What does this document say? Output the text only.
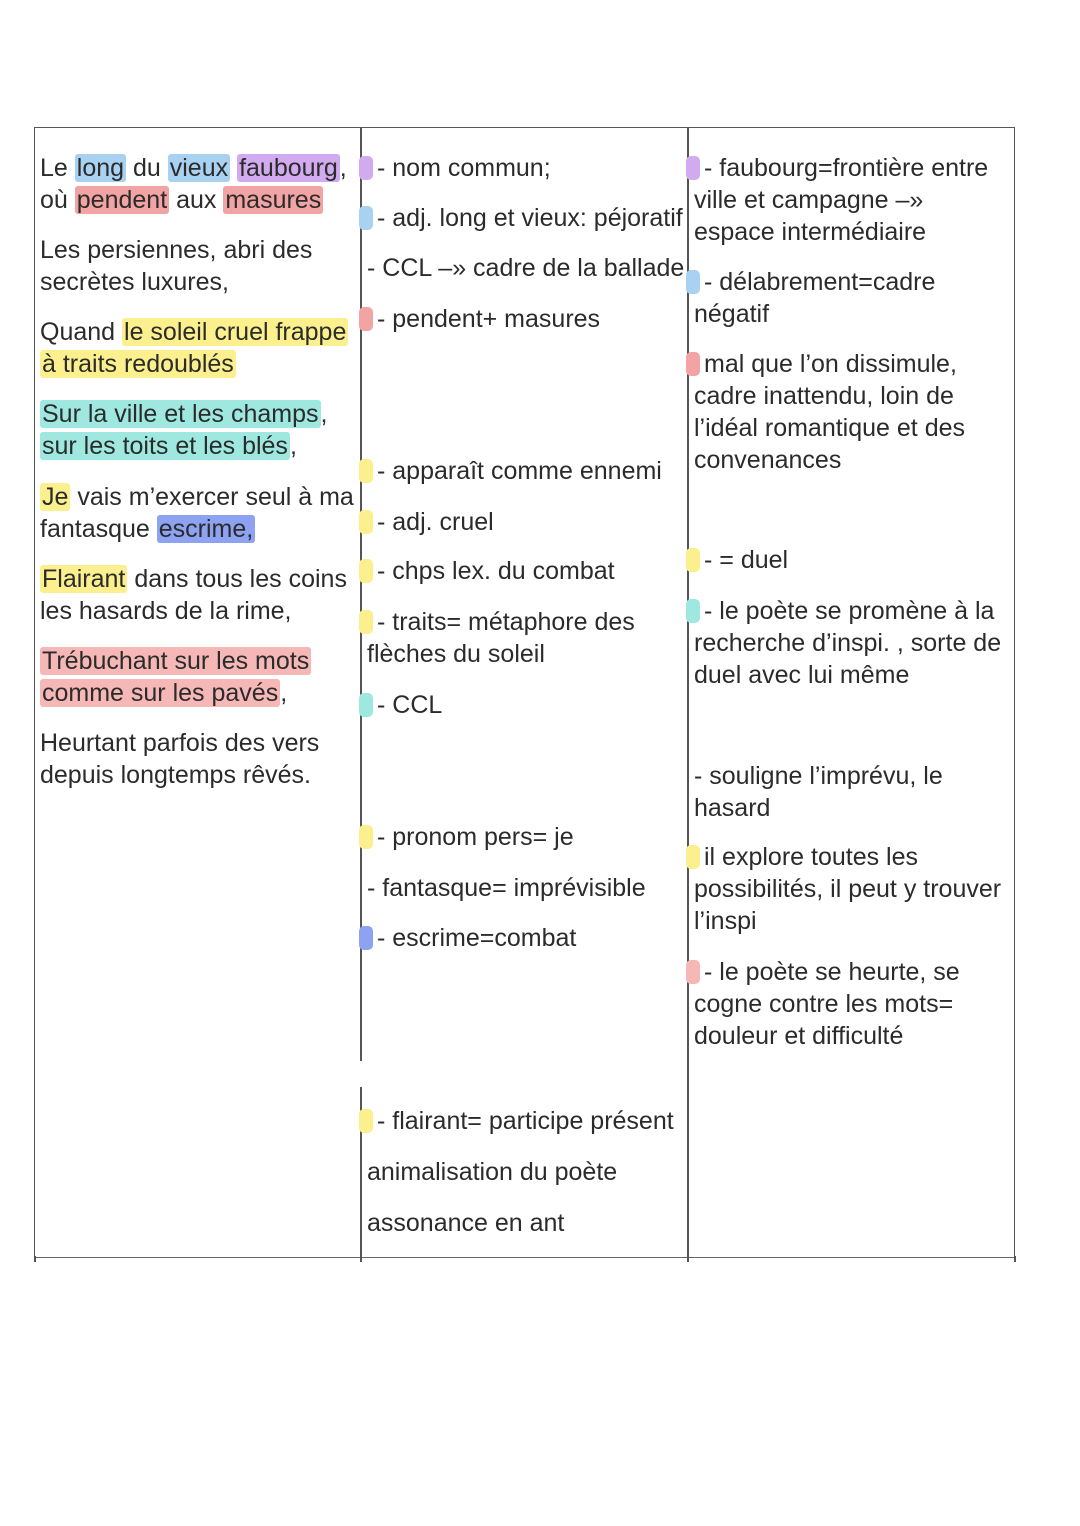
Le long du vieux faubourg,
où pendent aux masures
Les persiennes, abri des
secrètes luxures,
Quand le soleil cruel frappe
à traits redoublés
Sur la ville et les champs,
sur les toits et les blés,
Je vais m’exercer seul à ma
fantasque escrime,
Flairant dans tous les coins
les hasards de la rime,
Trébuchant sur les mots
comme sur les pavés,
Heurtant parfois des vers
depuis longtemps rêvés.
- nom commun;
- adj. long et vieux: péjoratif
- CCL –» cadre de la ballade
- pendent+ masures
- apparaît comme ennemi
- adj. cruel
- chps lex. du combat
- traits= métaphore des
flèches du soleil
- CCL
- pronom pers= je
- fantasque= imprévisible
- escrime=combat
- flairant= participe présent
animalisation du poète
assonance en ant
- faubourg=frontière entre
ville et campagne –»
espace intermédiaire
- délabrement=cadre
négatif
mal que l’on dissimule,
cadre inattendu, loin de
l’idéal romantique et des
convenances
- = duel
- le poète se promène à la
recherche d’inspi. , sorte de
duel avec lui même
- souligne l’imprévu, le
hasard
il explore toutes les
possibilités, il peut y trouver
l’inspi
- le poète se heurte, se
cogne contre les mots=
douleur et difficulté
